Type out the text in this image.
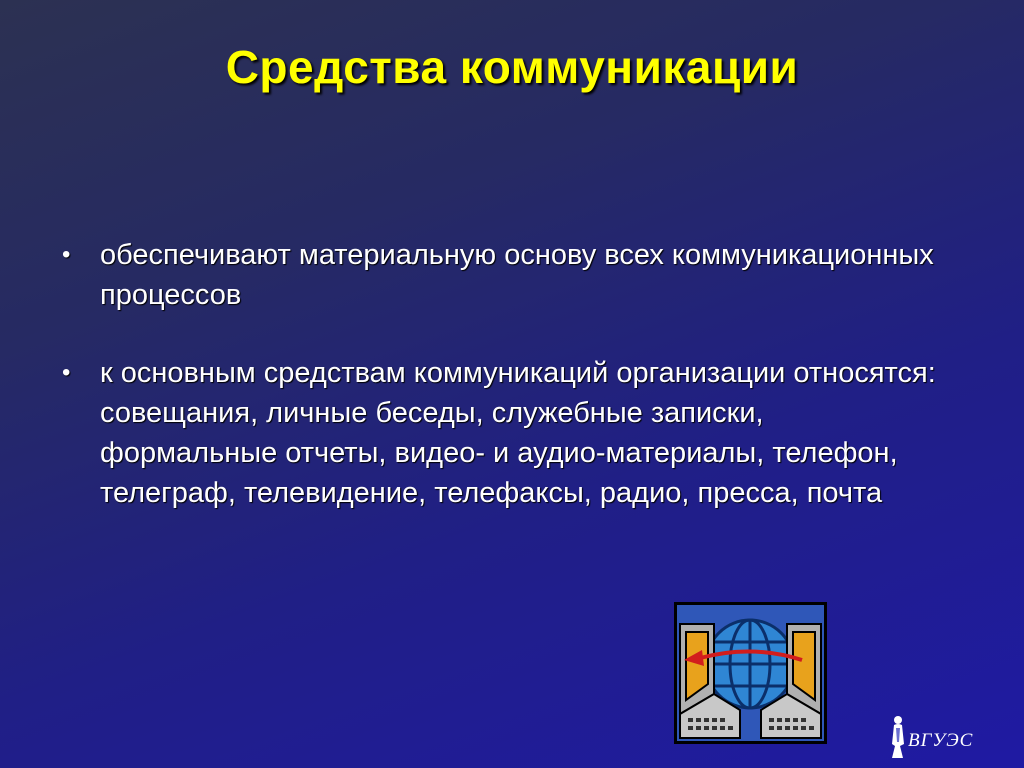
Средства коммуникации
•	обеспечивают материальную основу всех коммуникационных процессов
•	к основным средствам коммуникаций организации относятся: совещания, личные беседы, служебные записки, формальные отчеты, видео- и аудио-материалы, телефон, телеграф, телевидение, телефаксы, радио, пресса, почта
ВГУЭС
